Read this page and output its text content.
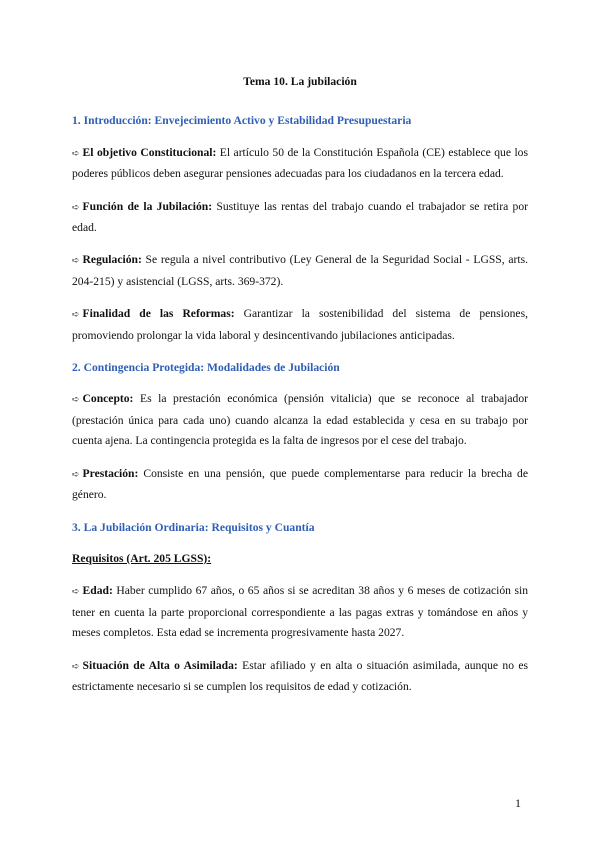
Tema 10. La jubilación
1. Introducción: Envejecimiento Activo y Estabilidad Presupuestaria

➪ El objetivo Constitucional: El artículo 50 de la Constitución Española (CE) establece que los poderes públicos deben asegurar pensiones adecuadas para los ciudadanos en la tercera edad.

➪ Función de la Jubilación: Sustituye las rentas del trabajo cuando el trabajador se retira por edad.

➪ Regulación: Se regula a nivel contributivo (Ley General de la Seguridad Social - LGSS, arts. 204-215) y asistencial (LGSS, arts. 369-372).

➪ Finalidad de las Reformas: Garantizar la sostenibilidad del sistema de pensiones, promoviendo prolongar la vida laboral y desincentivando jubilaciones anticipadas.

2. Contingencia Protegida: Modalidades de Jubilación

➪ Concepto: Es la prestación económica (pensión vitalicia) que se reconoce al trabajador (prestación única para cada uno) cuando alcanza la edad establecida y cesa en su trabajo por cuenta ajena. La contingencia protegida es la falta de ingresos por el cese del trabajo.

➪ Prestación: Consiste en una pensión, que puede complementarse para reducir la brecha de género.

3. La Jubilación Ordinaria: Requisitos y Cuantía
Requisitos (Art. 205 LGSS):

➪ Edad: Haber cumplido 67 años, o 65 años si se acreditan 38 años y 6 meses de cotización sin tener en cuenta la parte proporcional correspondiente a las pagas extras y tomándose en años y meses completos. Esta edad se incrementa progresivamente hasta 2027.

➪ Situación de Alta o Asimilada: Estar afiliado y en alta o situación asimilada, aunque no es estrictamente necesario si se cumplen los requisitos de edad y cotización.

1
